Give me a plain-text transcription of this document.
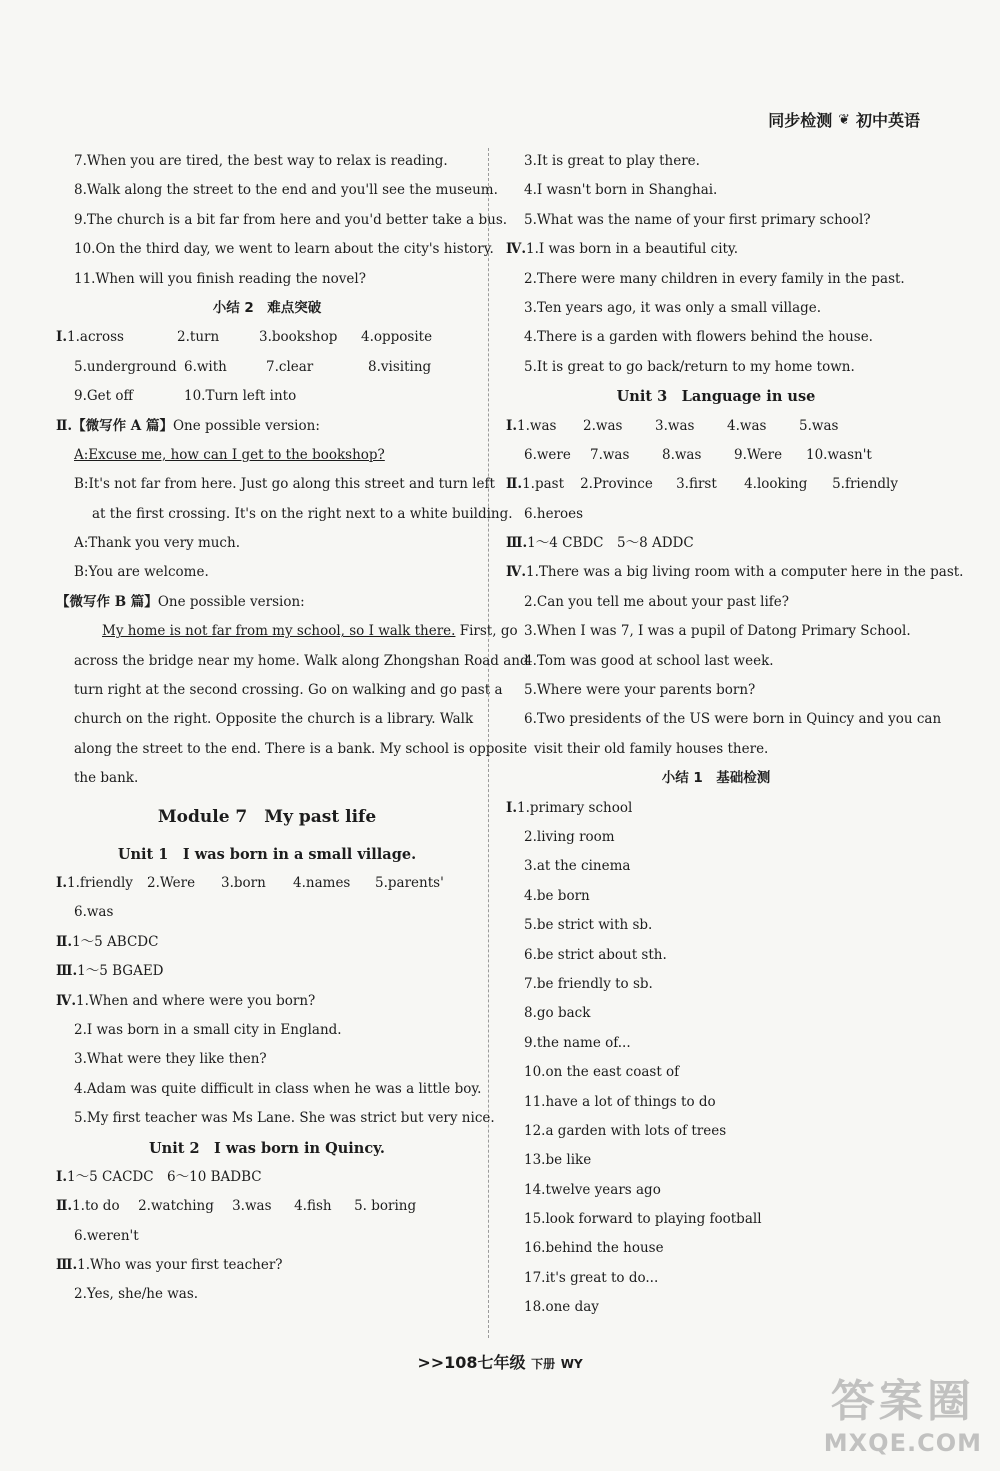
同步检测 ❦ 初中英语
7.When you are tired, the best way to relax is reading.
8.Walk along the street to the end and you'll see the museum.
9.The church is a bit far from here and you'd better take a bus.
10.On the third day, we went to learn about the city's history.
11.When will you finish reading the novel?
小结 2　难点突破
Ⅰ. 1.across	2.turn	3.bookshop	4.opposite
5.underground 6.with	7.clear	8.visiting
9.Get off	10.Turn left into
Ⅱ.【微写作 A 篇】One possible version:
A:Excuse me, how can I get to the bookshop?
B:It's not far from here. Just go along this street and turn left
at the first crossing. It's on the right next to a white building.
A:Thank you very much.
B:You are welcome.
【微写作 B 篇】One possible version:
My home is not far from my school, so I walk there. First, go
across the bridge near my home. Walk along Zhongshan Road and
turn right at the second crossing. Go on walking and go past a
church on the right. Opposite the church is a library. Walk
along the street to the end. There is a bank. My school is opposite
the bank.
Module 7　My past life
Unit 1　I was born in a small village.
Ⅰ. 1.friendly	2.Were	3.born	4.names	5.parents'
6.was
Ⅱ.1～5 ABCDC
Ⅲ.1～5 BGAED
Ⅳ.1.When and where were you born?
2.I was born in a small city in England.
3.What were they like then?
4.Adam was quite difficult in class when he was a little boy.
5.My first teacher was Ms Lane. She was strict but very nice.
Unit 2　I was born in Quincy.
Ⅰ.1～5 CACDC　6～10 BADBC
Ⅱ. 1.to do	2.watching	3.was	4.fish	5. boring
6.weren't
Ⅲ.1.Who was your first teacher?
2.Yes, she/he was.
3.It is great to play there.
4.I wasn't born in Shanghai.
5.What was the name of your first primary school?
Ⅳ.1.I was born in a beautiful city.
2.There were many children in every family in the past.
3.Ten years ago, it was only a small village.
4.There is a garden with flowers behind the house.
5.It is great to go back/return to my home town.
Unit 3　Language in use
Ⅰ. 1.was	2.was	3.was	4.was	5.was
6.were	7.was	8.was	9.Were	10.wasn't
Ⅱ. 1.past	2.Province	3.first	4.looking	5.friendly
6.heroes
Ⅲ.1～4 CBDC　5～8 ADDC
Ⅳ.1.There was a big living room with a computer here in the past.
2.Can you tell me about your past life?
3.When I was 7, I was a pupil of Datong Primary School.
4.Tom was good at school last week.
5.Where were your parents born?
6.Two presidents of the US were born in Quincy and you can
visit their old family houses there.
小结 1　基础检测
Ⅰ.1.primary school
2.living room
3.at the cinema
4.be born
5.be strict with sb.
6.be strict about sth.
7.be friendly to sb.
8.go back
9.the name of...
10.on the east coast of
11.have a lot of things to do
12.a garden with lots of trees
13.be like
14.twelve years ago
15.look forward to playing football
16.behind the house
17.it's great to do...
18.one day
>>108七年级 下册 WY
答案圈
MXQE.COM
